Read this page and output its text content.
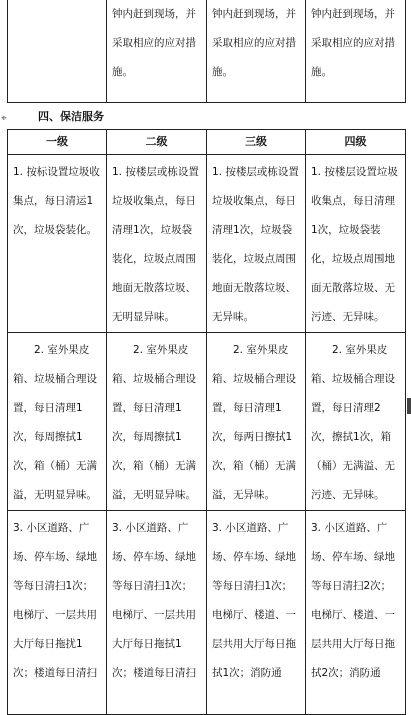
	钟内赶到现场，并采取相应的应对措施。	钟内赶到现场，并采取相应的应对措施。	钟内赶到现场，并采取相应的应对措施。
⌖	四、保洁服务
一级	二级	三级	四级
1. 按标设置垃圾收集点，每日清运1次，垃圾袋装化。	1. 按楼层或栋设置垃圾收集点，每日清理1次，垃圾袋装化，垃圾点周围地面无散落垃圾、无明显异味。	1. 按楼层或栋设置垃圾收集点，每日清理1次，垃圾袋装化，垃圾点周围地面无散落垃圾、无异味。	1. 按楼层设置垃圾收集点，每日清理1次，垃圾袋装化，垃圾点周围地面无散落垃圾、无污迹、无异味。
2. 室外果皮箱、垃圾桶合理设置，每日清理1次，每周擦拭1次，箱（桶）无满溢，无明显异味。	2. 室外果皮箱、垃圾桶合理设置，每日清理1次，每周擦拭1次，箱（桶）无满溢，无明显异味。	2. 室外果皮箱、垃圾桶合理设置，每日清理1次，每两日擦拭1次，箱（桶）无满溢，无异味。	2. 室外果皮箱、垃圾桶合理设置，每日清理2次，擦拭1次，箱（桶）无满溢、无污迹、无异味。
3. 小区道路、广场、停车场、绿地等每日清扫1次；电梯厅、一层共用大厅每日拖扰1次；楼道每日清扫	3. 小区道路、广场、停车场、绿地等每日清扫1次；电梯厅、一层共用大厅每日拖拭1次；楼道每日清扫	3. 小区道路、广场、停车场、绿地等每日清扫1次；电梯厅、楼道、一层共用大厅每日拖拭1次；消防通	3. 小区道路、广场、停车场、绿地等每日清扫2次；电梯厅、楼道、一层共用大厅每日拖拭2次；消防通
